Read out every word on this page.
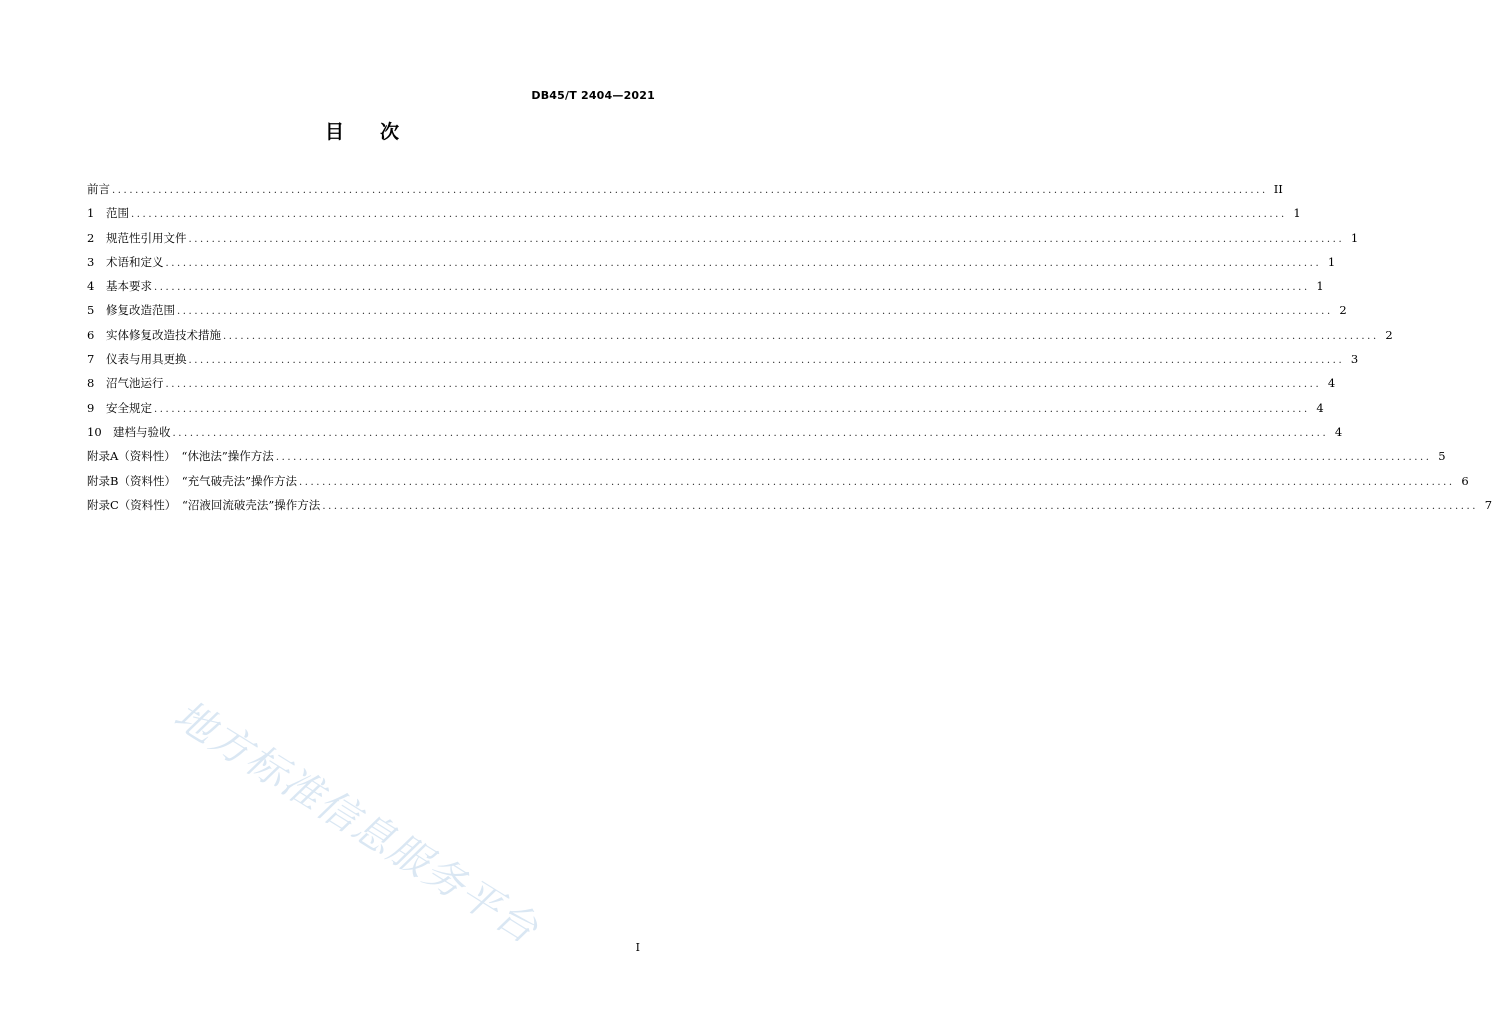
DB45/T 2404—2021
目次
前言 ........................................................................................................................................................................................................ II
1 范围 ........................................................................................................................................................................................................ 1
2 规范性引用文件 ........................................................................................................................................................................................................ 1
3 术语和定义 ........................................................................................................................................................................................................ 1
4 基本要求 ........................................................................................................................................................................................................ 1
5 修复改造范围 ........................................................................................................................................................................................................ 2
6 实体修复改造技术措施 ........................................................................................................................................................................................................ 2
7 仪表与用具更换 ........................................................................................................................................................................................................ 3
8 沼气池运行 ........................................................................................................................................................................................................ 4
9 安全规定 ........................................................................................................................................................................................................ 4
10 建档与验收 ........................................................................................................................................................................................................ 4
附录A（资料性）　“休池法”操作方法 ........................................................................................................................................................................................................ 5
附录B（资料性）　“充气破壳法”操作方法 ........................................................................................................................................................................................................ 6
附录C（资料性）　“沼液回流破壳法”操作方法 ........................................................................................................................................................................................................ 7
地方标准信息服务平台	I
